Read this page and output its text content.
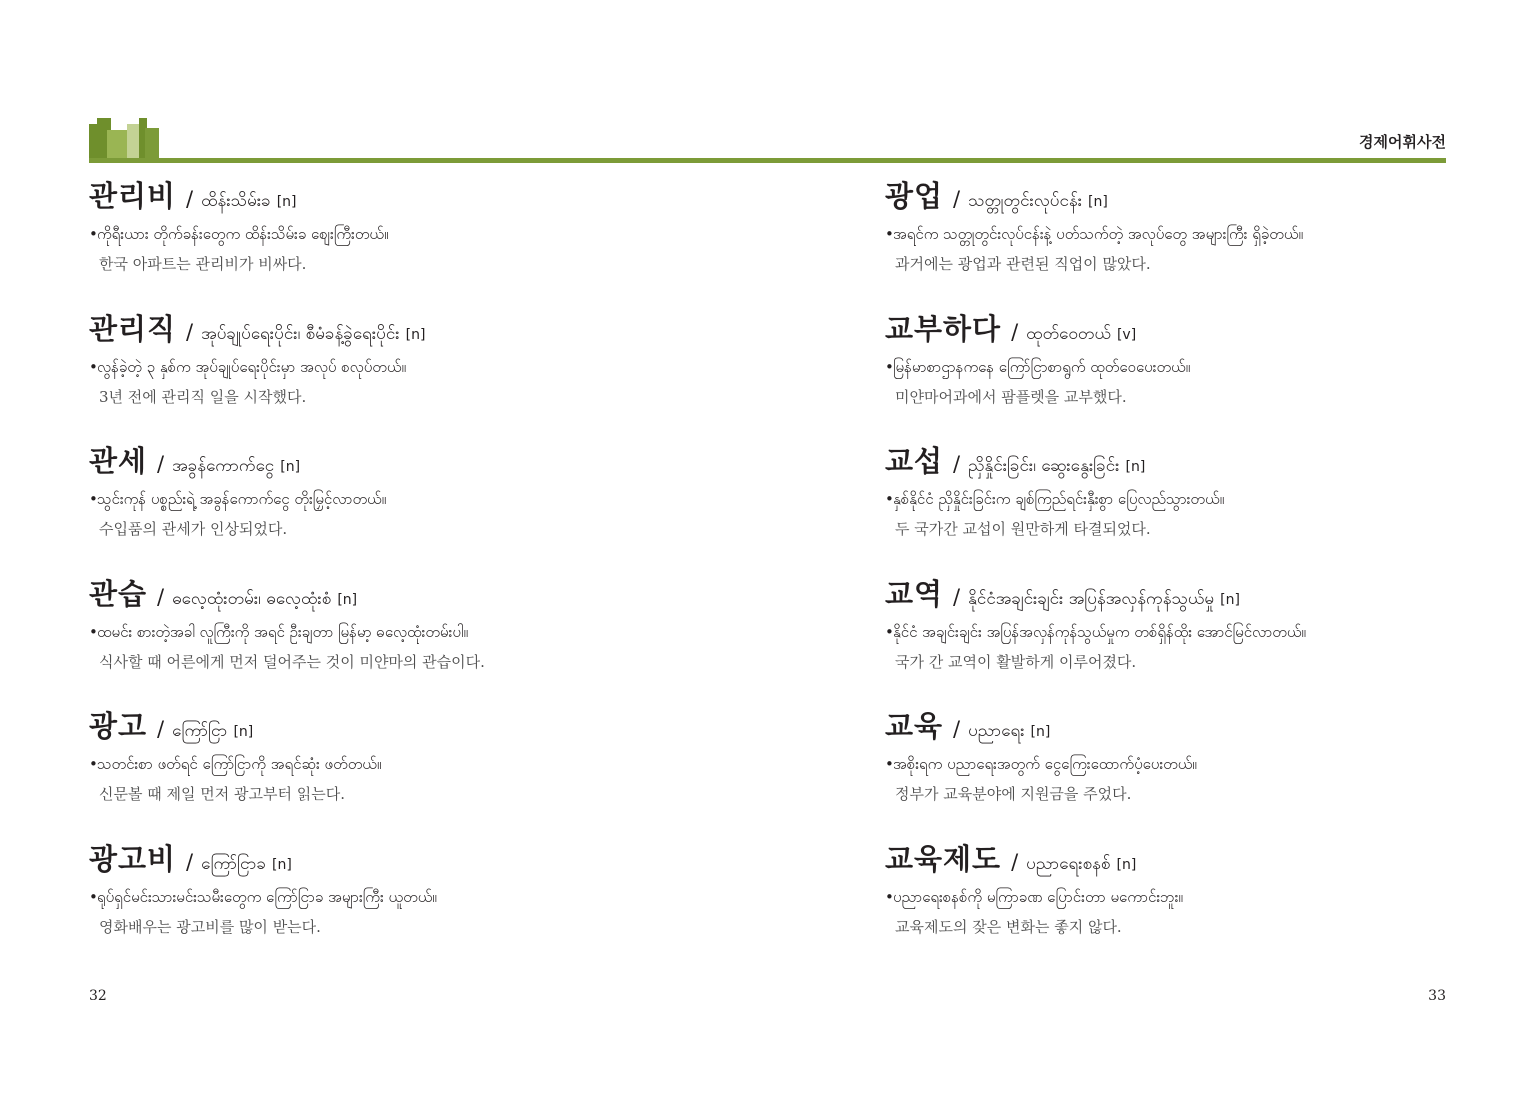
경제어휘사전
관리비 / ထိန်းသိမ်းခ [n]
•ကိုရီးယား တိုက်ခန်းတွေက ထိန်းသိမ်းခ စျေးကြီးတယ်။
한국 아파트는 관리비가 비싸다.
관리직 / အုပ်ချုပ်ရေးပိုင်း၊ စီမံခန့်ခွဲရေးပိုင်း [n]
•လွန်ခဲ့တဲ့ ၃ နှစ်က အုပ်ချုပ်ရေးပိုင်းမှာ အလုပ် စလုပ်တယ်။
3년 전에 관리직 일을 시작했다.
관세 / အခွန်ကောက်ငွေ [n]
•သွင်းကုန် ပစ္စည်းရဲ့ အခွန်ကောက်ငွေ တိုးမြှင့်လာတယ်။
수입품의 관세가 인상되었다.
관습 / ဓလေ့ထုံးတမ်း၊ ဓလေ့ထုံးစံ [n]
•ထမင်း စားတဲ့အခါ လူကြီးကို အရင် ဦးချတာ မြန်မာ့ ဓလေ့ထုံးတမ်းပါ။
식사할 때 어른에게 먼저 덜어주는 것이 미얀마의 관습이다.
광고 / ကြော်ငြာ [n]
•သတင်းစာ ဖတ်ရင် ကြော်ငြာကို အရင်ဆုံး ဖတ်တယ်။
신문볼 때 제일 먼저 광고부터 읽는다.
광고비 / ကြော်ငြာခ [n]
•ရုပ်ရှင်မင်းသားမင်းသမီးတွေက ကြော်ငြာခ အများကြီး ယူတယ်။
영화배우는 광고비를 많이 받는다.
광업 / သတ္တုတွင်းလုပ်ငန်း [n]
•အရင်က သတ္တုတွင်းလုပ်ငန်းနဲ့ ပတ်သက်တဲ့ အလုပ်တွေ အများကြီး ရှိခဲ့တယ်။
과거에는 광업과 관련된 직업이 많았다.
교부하다 / ထုတ်ဝေတယ် [v]
•မြန်မာစာဌာနကနေ ကြော်ငြာစာရွက် ထုတ်ဝေပေးတယ်။
미얀마어과에서 팜플렛을 교부했다.
교섭 / ညှိနှိုင်းခြင်း၊ ဆွေးနွေးခြင်း [n]
•နှစ်နိုင်ငံ ညှိနှိုင်းခြင်းက ချစ်ကြည်ရင်းနှီးစွာ ပြေလည်သွားတယ်။
두 국가간 교섭이 원만하게 타결되었다.
교역 / နိုင်ငံအချင်းချင်း အပြန်အလှန်ကုန်သွယ်မှု [n]
•နိုင်ငံ အချင်းချင်း အပြန်အလှန်ကုန်သွယ်မှုက တစ်ရှိန်ထိုး အောင်မြင်လာတယ်။
국가 간 교역이 활발하게 이루어졌다.
교육 / ပညာရေး [n]
•အစိုးရက ပညာရေးအတွက် ငွေကြေးထောက်ပံ့ပေးတယ်။
정부가 교육분야에 지원금을 주었다.
교육제도 / ပညာရေးစနစ် [n]
•ပညာရေးစနစ်ကို မကြာခဏ ပြောင်းတာ မကောင်းဘူး။
교육제도의 잦은 변화는 좋지 않다.
32	33
